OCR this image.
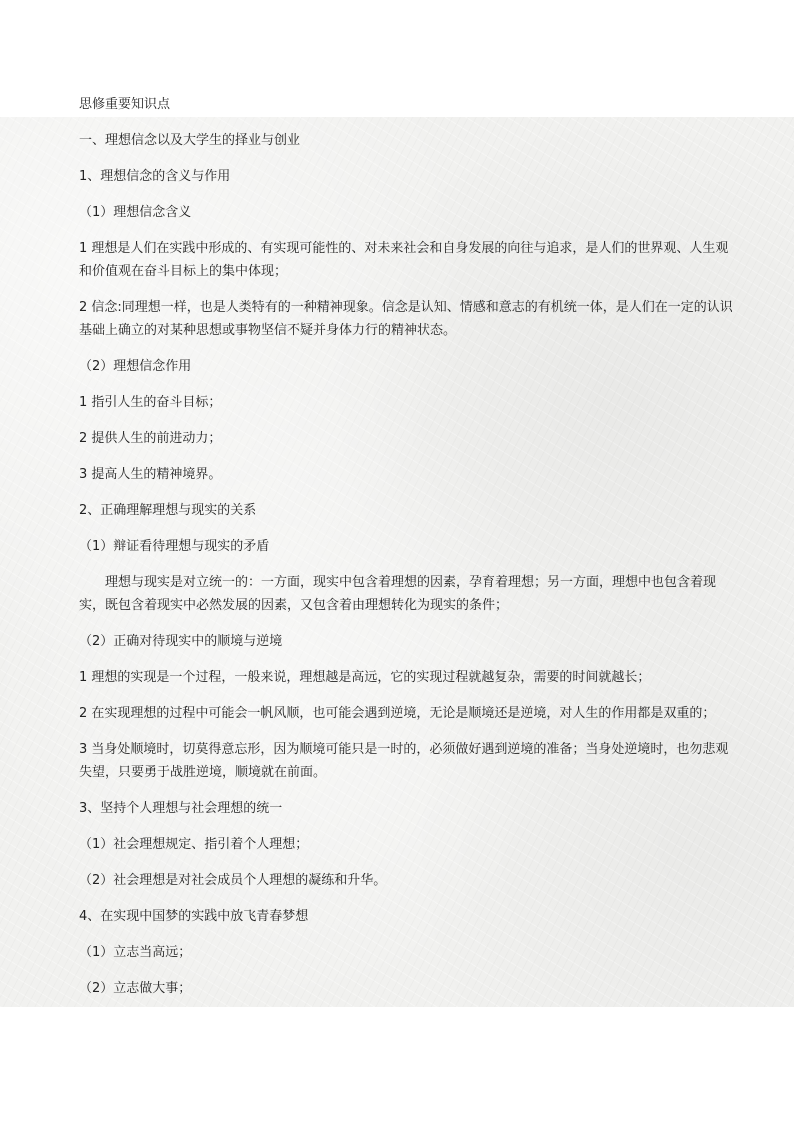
思修重要知识点

一、理想信念以及大学生的择业与创业

1、理想信念的含义与作用

（1）理想信念含义

1 理想是人们在实践中形成的、有实现可能性的、对未来社会和自身发展的向往与追求，是人们的世界观、人生观和价值观在奋斗目标上的集中体现；

2 信念:同理想一样，也是人类特有的一种精神现象。信念是认知、情感和意志的有机统一体，是人们在一定的认识基础上确立的对某种思想或事物坚信不疑并身体力行的精神状态。

（2）理想信念作用

1 指引人生的奋斗目标；

2 提供人生的前进动力；

3 提高人生的精神境界。

2、正确理解理想与现实的关系

（1）辩证看待理想与现实的矛盾

理想与现实是对立统一的：一方面，现实中包含着理想的因素，孕育着理想；另一方面，理想中也包含着现实，既包含着现实中必然发展的因素，又包含着由理想转化为现实的条件；

（2）正确对待现实中的顺境与逆境

1 理想的实现是一个过程，一般来说，理想越是高远，它的实现过程就越复杂，需要的时间就越长；

2 在实现理想的过程中可能会一帆风顺，也可能会遇到逆境，无论是顺境还是逆境，对人生的作用都是双重的；

3 当身处顺境时，切莫得意忘形，因为顺境可能只是一时的，必须做好遇到逆境的准备；当身处逆境时，也勿悲观失望，只要勇于战胜逆境，顺境就在前面。

3、坚持个人理想与社会理想的统一

（1）社会理想规定、指引着个人理想；

（2）社会理想是对社会成员个人理想的凝练和升华。

4、在实现中国梦的实践中放飞青春梦想

（1）立志当高远；

（2）立志做大事；
